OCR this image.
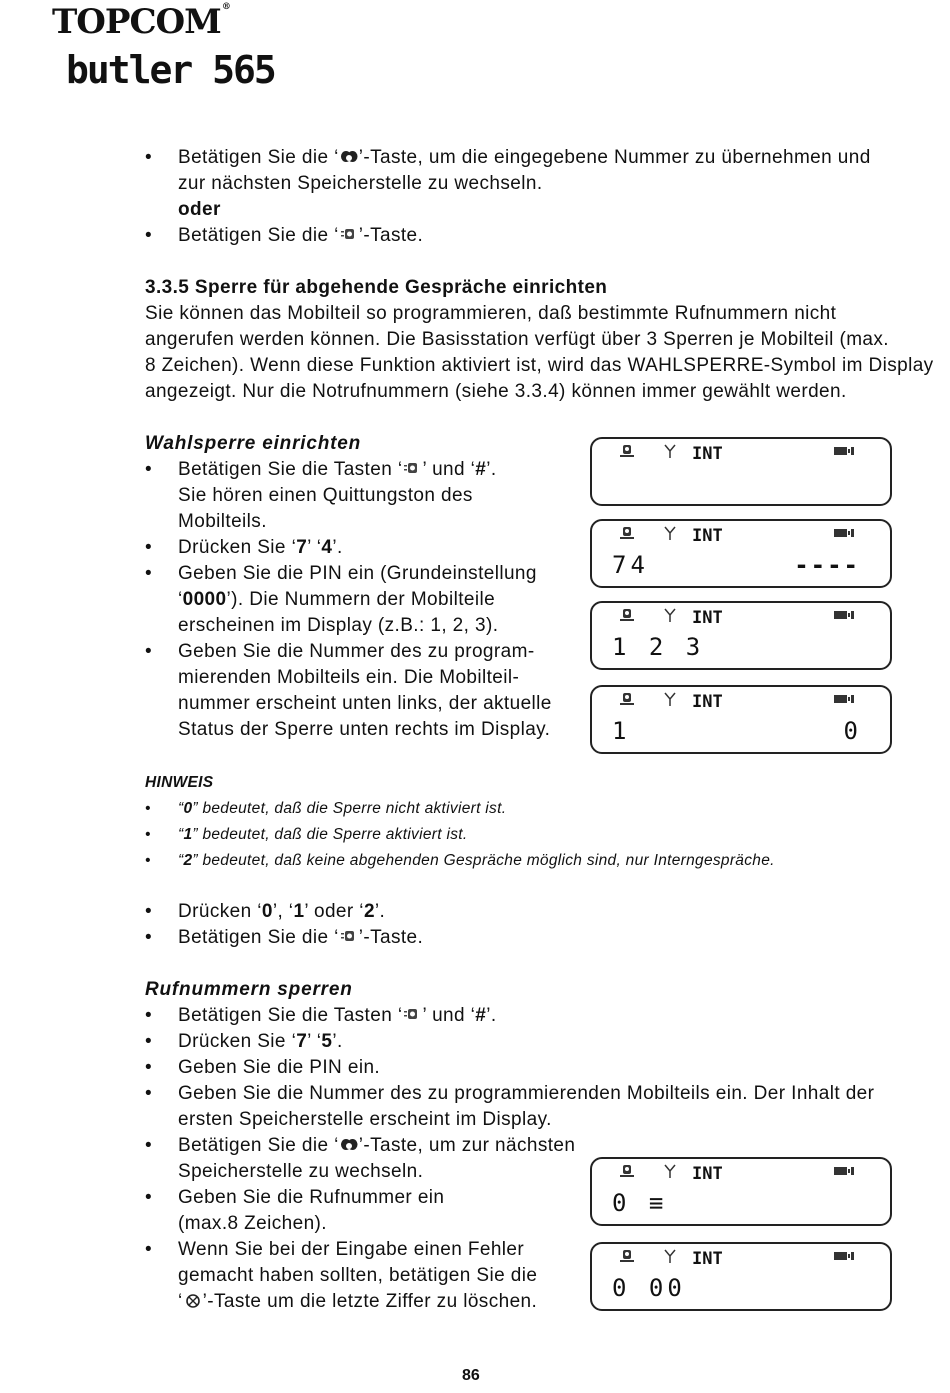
TOPCOM®
butler 565
• Betätigen Sie die ‘ ’-Taste, um die eingegebene Nummer zu übernehmen und
zur nächsten Speicherstelle zu wechseln.
oder
• Betätigen Sie die ‘ ’-Taste.
3.3.5 Sperre für abgehende Gespräche einrichten
Sie können das Mobilteil so programmieren, daß bestimmte Rufnummern nicht
angerufen werden können. Die Basisstation verfügt über 3 Sperren je Mobilteil (max.
8 Zeichen). Wenn diese Funktion aktiviert ist, wird das WAHLSPERRE-Symbol im Display
angezeigt. Nur die Notrufnummern (siehe 3.3.4) können immer gewählt werden.
Wahlsperre einrichten
• Betätigen Sie die Tasten ‘ ’ und ‘#’.
Sie hören einen Quittungston des
Mobilteils.
• Drücken Sie ‘7’ ‘4’.
• Geben Sie die PIN ein (Grundeinstellung
‘0000’). Die Nummern der Mobilteile
erscheinen im Display (z.B.: 1, 2, 3).
• Geben Sie die Nummer des zu program-
mierenden Mobilteils ein. Die Mobilteil-
nummer erscheint unten links, der aktuelle
Status der Sperre unten rechts im Display.
HINWEIS
• “0” bedeutet, daß die Sperre nicht aktiviert ist.
• “1” bedeutet, daß die Sperre aktiviert ist.
• “2” bedeutet, daß keine abgehenden Gespräche möglich sind, nur Interngespräche.
• Drücken ‘0’, ‘1’ oder ‘2’.
• Betätigen Sie die ‘ ’-Taste.
Rufnummern sperren
• Betätigen Sie die Tasten ‘ ’ und ‘#’.
• Drücken Sie ‘7’ ‘5’.
• Geben Sie die PIN ein.
• Geben Sie die Nummer des zu programmierenden Mobilteils ein. Der Inhalt der
ersten Speicherstelle erscheint im Display.
• Betätigen Sie die ‘ ’-Taste, um zur nächsten
Speicherstelle zu wechseln.
• Geben Sie die Rufnummer ein
(max.8 Zeichen).
• Wenn Sie bei der Eingabe einen Fehler
gemacht haben sollten, betätigen Sie die
‘ ’-Taste um die letzte Ziffer zu löschen.
INT
INT
74	----
INT
1 2 3
INT
1	0
INT
0 ≡
INT
0 00
86
